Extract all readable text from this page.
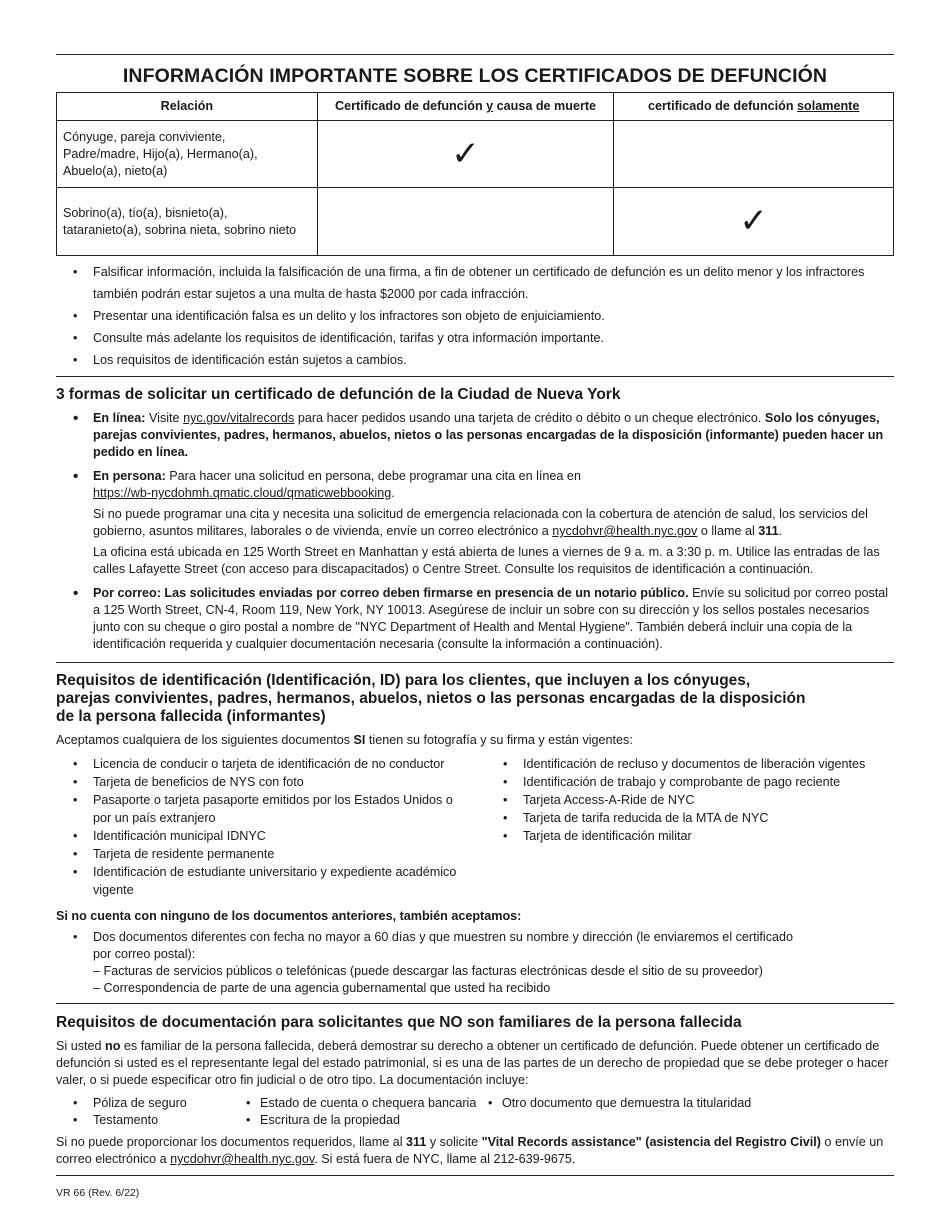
INFORMACIÓN IMPORTANTE SOBRE LOS CERTIFICADOS DE DEFUNCIÓN
Relación	Certificado de defunción y causa de muerte	certificado de defunción solamente

Cónyuge, pareja conviviente,
Padre/madre, Hijo(a), Hermano(a),
Abuelo(a), nieto(a)	✓	

Sobrino(a), tío(a), bisnieto(a),
tataranieto(a), sobrina nieta, sobrino nieto		✓
• Falsificar información, incluida la falsificación de una firma, a fin de obtener un certificado de defunción es un delito menor y los infractores también podrán estar sujetos a una multa de hasta $2000 por cada infracción.
• Presentar una identificación falsa es un delito y los infractores son objeto de enjuiciamiento.
• Consulte más adelante los requisitos de identificación, tarifas y otra información importante.
• Los requisitos de identificación están sujetos a cambios.
3 formas de solicitar un certificado de defunción de la Ciudad de Nueva York
• En línea: Visite nyc.gov/vitalrecords para hacer pedidos usando una tarjeta de crédito o débito o un cheque electrónico. Solo los cónyuges, parejas convivientes, padres, hermanos, abuelos, nietos o las personas encargadas de la disposición (informante) pueden hacer un pedido en línea.

• En persona: Para hacer una solicitud en persona, debe programar una cita en línea en

https://wb-nycdohmh.qmatic.cloud/qmaticwebbooking.

Si no puede programar una cita y necesita una solicitud de emergencia relacionada con la cobertura de atención de salud, los servicios del gobierno, asuntos militares, laborales o de vivienda, envíe un correo electrónico a nycdohvr@health.nyc.gov o llame al 311.

La oficina está ubicada en 125 Worth Street en Manhattan y está abierta de lunes a viernes de 9 a. m. a 3:30 p. m. Utilice las entradas de las calles Lafayette Street (con acceso para discapacitados) o Centre Street. Consulte los requisitos de identificación a continuación.

• Por correo: Las solicitudes enviadas por correo deben firmarse en presencia de un notario público. Envíe su solicitud por correo postal a 125 Worth Street, CN-4, Room 119, New York, NY 10013. Asegúrese de incluir un sobre con su dirección y los sellos postales necesarios junto con su cheque o giro postal a nombre de "NYC Department of Health and Mental Hygiene". También deberá incluir una copia de la identificación requerida y cualquier documentación necesaria (consulte la información a continuación).
Requisitos de identificación (Identificación, ID) para los clientes, que incluyen a los cónyuges,
parejas convivientes, padres, hermanos, abuelos, nietos o las personas encargadas de la disposición
de la persona fallecida (informantes)

Aceptamos cualquiera de los siguientes documentos SI tienen su fotografía y su firma y están vigentes:

• Licencia de conducir o tarjeta de identificación de no conductor
• Tarjeta de beneficios de NYS con foto
• Pasaporte o tarjeta pasaporte emitidos por los Estados Unidos o por un país extranjero
• Identificación municipal IDNYC
• Tarjeta de residente permanente
• Identificación de estudiante universitario y expediente académico vigente
• Identificación de recluso y documentos de liberación vigentes
• Identificación de trabajo y comprobante de pago reciente
• Tarjeta Access-A-Ride de NYC
• Tarjeta de tarifa reducida de la MTA de NYC
• Tarjeta de identificación militar

Si no cuenta con ninguno de los documentos anteriores, también aceptamos:

• Dos documentos diferentes con fecha no mayor a 60 días y que muestren su nombre y dirección (le enviaremos el certificado
por correo postal):
– Facturas de servicios públicos o telefónicas (puede descargar las facturas electrónicas desde el sitio de su proveedor)
– Correspondencia de parte de una agencia gubernamental que usted ha recibido
Requisitos de documentación para solicitantes que NO son familiares de la persona fallecida

Si usted no es familiar de la persona fallecida, deberá demostrar su derecho a obtener un certificado de defunción. Puede obtener un certificado de defunción si usted es el representante legal del estado patrimonial, si es una de las partes de un derecho de propiedad que se debe proteger o hacer valer, o si puede especificar otro fin judicial o de otro tipo. La documentación incluye:

• Póliza de seguro
• Testamento
• Estado de cuenta o chequera bancaria
• Escritura de la propiedad
• Otro documento que demuestra la titularidad

Si no puede proporcionar los documentos requeridos, llame al 311 y solicite "Vital Records assistance" (asistencia del Registro Civil) o envíe un correo electrónico a nycdohvr@health.nyc.gov. Si está fuera de NYC, llame al 212-639-9675.

VR 66 (Rev. 6/22)
